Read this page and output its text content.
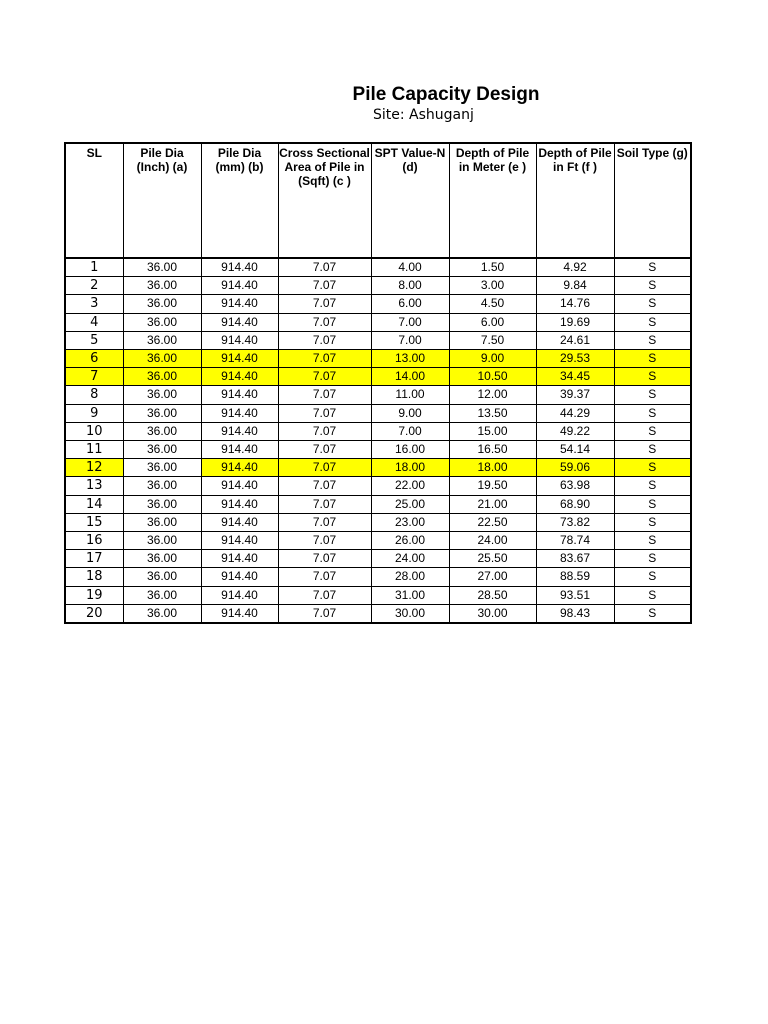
Pile Capacity Design
Site: Ashuganj
SL	Pile Dia (Inch) (a)	Pile Dia (mm) (b)	Cross Sectional Area of Pile in (Sqft) (c )	SPT Value-N (d)	Depth of Pile in Meter (e )	Depth of Pile in Ft (f )	Soil Type (g)
1	36.00	914.40	7.07	4.00	1.50	4.92	S
2	36.00	914.40	7.07	8.00	3.00	9.84	S
3	36.00	914.40	7.07	6.00	4.50	14.76	S
4	36.00	914.40	7.07	7.00	6.00	19.69	S
5	36.00	914.40	7.07	7.00	7.50	24.61	S
6	36.00	914.40	7.07	13.00	9.00	29.53	S
7	36.00	914.40	7.07	14.00	10.50	34.45	S
8	36.00	914.40	7.07	11.00	12.00	39.37	S
9	36.00	914.40	7.07	9.00	13.50	44.29	S
10	36.00	914.40	7.07	7.00	15.00	49.22	S
11	36.00	914.40	7.07	16.00	16.50	54.14	S
12	36.00	914.40	7.07	18.00	18.00	59.06	S
13	36.00	914.40	7.07	22.00	19.50	63.98	S
14	36.00	914.40	7.07	25.00	21.00	68.90	S
15	36.00	914.40	7.07	23.00	22.50	73.82	S
16	36.00	914.40	7.07	26.00	24.00	78.74	S
17	36.00	914.40	7.07	24.00	25.50	83.67	S
18	36.00	914.40	7.07	28.00	27.00	88.59	S
19	36.00	914.40	7.07	31.00	28.50	93.51	S
20	36.00	914.40	7.07	30.00	30.00	98.43	S
